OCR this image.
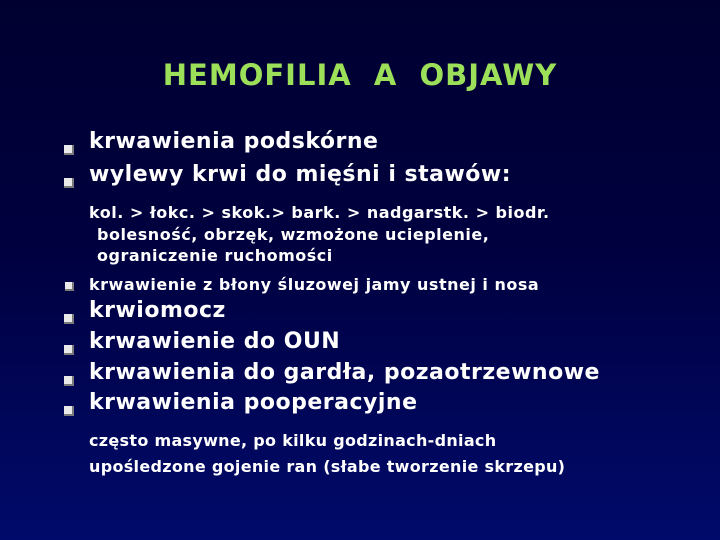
HEMOFILIA  A  OBJAWY
krwawienia podskórne
wylewy krwi do mięśni i stawów:
kol. > łokc. > skok.> bark. > nadgarstk. > biodr.
bolesność, obrzęk, wzmożone ucieplenie,
ograniczenie ruchomości
krwawienie z błony śluzowej jamy ustnej i nosa
krwiomocz
krwawienie do OUN
krwawienia do gardła, pozaotrzewnowe
krwawienia pooperacyjne
często masywne, po kilku godzinach-dniach
upośledzone gojenie ran (słabe tworzenie skrzepu)
